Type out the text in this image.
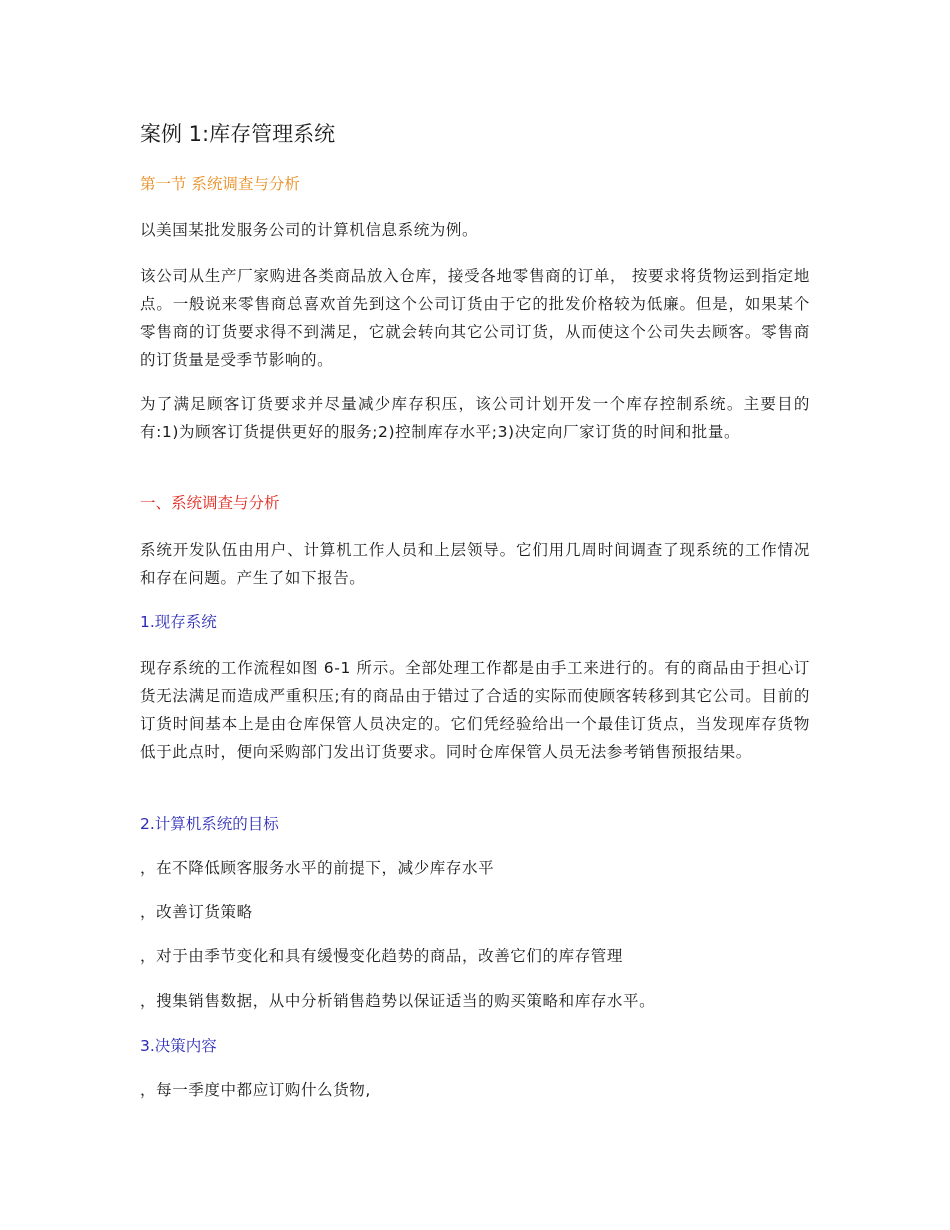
案例 1:库存管理系统
第一节 系统调查与分析

以美国某批发服务公司的计算机信息系统为例。

该公司从生产厂家购进各类商品放入仓库，接受各地零售商的订单， 按要求将货物运到指定地点。一般说来零售商总喜欢首先到这个公司订货由于它的批发价格较为低廉。但是，如果某个零售商的订货要求得不到满足，它就会转向其它公司订货，从而使这个公司失去顾客。零售商的订货量是受季节影响的。

为了满足顾客订货要求并尽量减少库存积压，该公司计划开发一个库存控制系统。主要目的有:1)为顾客订货提供更好的服务;2)控制库存水平;3)决定向厂家订货的时间和批量。

一、系统调查与分析

系统开发队伍由用户、计算机工作人员和上层领导。它们用几周时间调查了现系统的工作情况和存在问题。产生了如下报告。

1.现存系统

现存系统的工作流程如图 6-1 所示。全部处理工作都是由手工来进行的。有的商品由于担心订货无法满足而造成严重积压;有的商品由于错过了合适的实际而使顾客转移到其它公司。目前的订货时间基本上是由仓库保管人员决定的。它们凭经验给出一个最佳订货点，当发现库存货物低于此点时，便向采购部门发出订货要求。同时仓库保管人员无法参考销售预报结果。

2.计算机系统的目标

，在不降低顾客服务水平的前提下，减少库存水平

，改善订货策略

，对于由季节变化和具有缓慢变化趋势的商品，改善它们的库存管理

，搜集销售数据，从中分析销售趋势以保证适当的购买策略和库存水平。

3.决策内容

，每一季度中都应订购什么货物,
